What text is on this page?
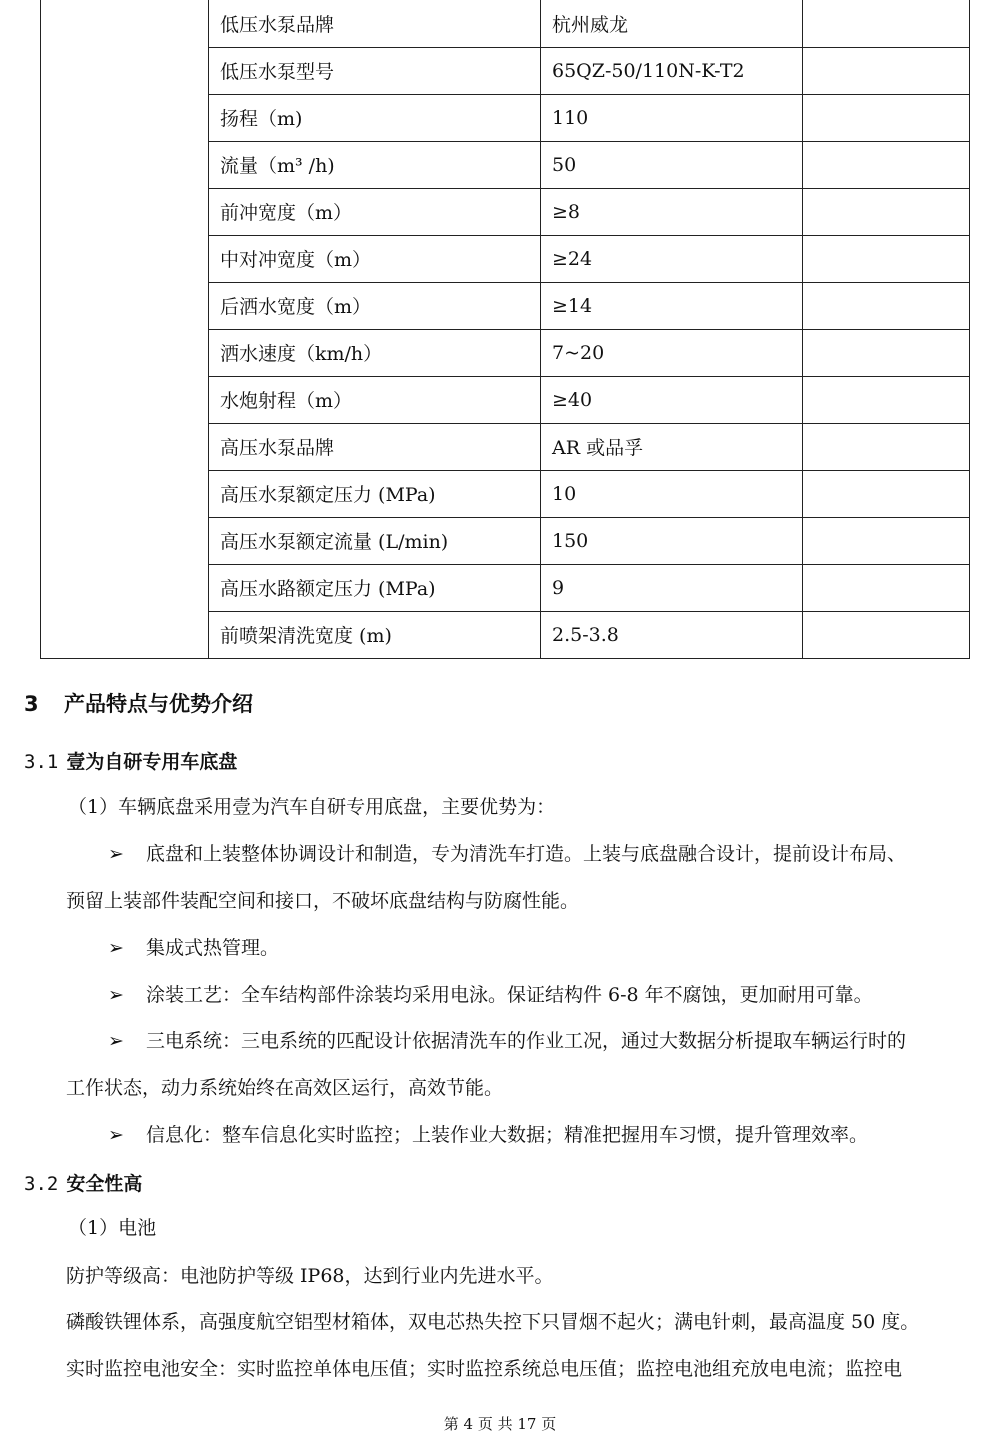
	低压水泵品牌	杭州威龙	
	低压水泵型号	65QZ-50/110N-K-T2	
	扬程（m)	110	
	流量（m³ /h)	50	
	前冲宽度（m）	≥8	
	中对冲宽度（m）	≥24	
	后洒水宽度（m）	≥14	
	洒水速度（km/h）	7~20	
	水炮射程（m）	≥40	
	高压水泵品牌	AR 或品孚	
	高压水泵额定压力 (MPa)	10	
	高压水泵额定流量 (L/min)	150	
	高压水路额定压力 (MPa)	9	
	前喷架清洗宽度 (m)	2.5-3.8	
3 产品特点与优势介绍
3.1 壹为自研专用车底盘

（1）车辆底盘采用壹为汽车自研专用底盘，主要优势为：

➢ 底盘和上装整体协调设计和制造，专为清洗车打造。上装与底盘融合设计，提前设计布局、

预留上装部件装配空间和接口，不破坏底盘结构与防腐性能。

➢ 集成式热管理。

➢ 涂装工艺：全车结构部件涂装均采用电泳。保证结构件 6-8 年不腐蚀，更加耐用可靠。

➢ 三电系统：三电系统的匹配设计依据清洗车的作业工况，通过大数据分析提取车辆运行时的

工作状态，动力系统始终在高效区运行，高效节能。

➢ 信息化：整车信息化实时监控；上装作业大数据；精准把握用车习惯，提升管理效率。

3.2 安全性高

（1）电池

防护等级高：电池防护等级 IP68，达到行业内先进水平。

磷酸铁锂体系，高强度航空铝型材箱体，双电芯热失控下只冒烟不起火；满电针刺，最高温度 50 度。

实时监控电池安全：实时监控单体电压值；实时监控系统总电压值；监控电池组充放电电流；监控电

第 4 页 共 17 页
